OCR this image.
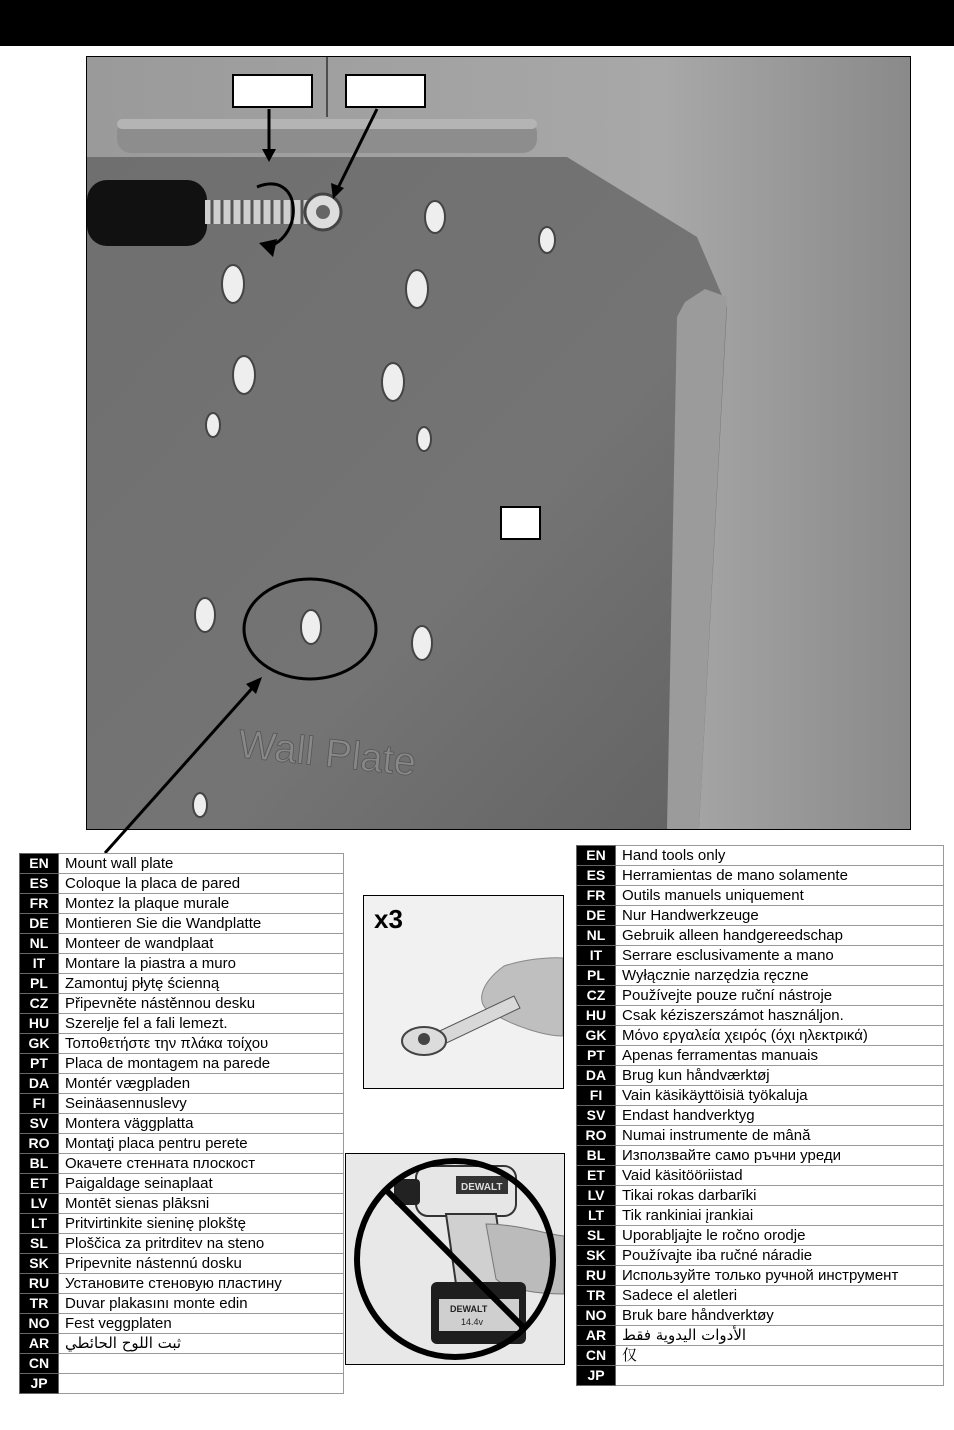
Wall Plate
EN	Mount wall plate
ES	Coloque la placa de pared
FR	Montez la plaque murale
DE	Montieren Sie die Wandplatte
NL	Monteer de wandplaat
IT	Montare la piastra a muro
PL	Zamontuj płytę ścienną
CZ	Připevněte nástěnnou desku
HU	Szerelje fel a fali lemezt.
GK	Τοποθετήστε την πλάκα τοίχου
PT	Placa de montagem na parede
DA	Montér vægpladen
FI	Seinäasennuslevy
SV	Montera väggplatta
RO	Montaţi placa pentru perete
BL	Окачете стенната плоскост
ET	Paigaldage seinaplaat
LV	Montēt sienas plāksni
LT	Pritvirtinkite sieninę plokštę
SL	Ploščica za pritrditev na steno
SK	Pripevnite nástennú dosku
RU	Установите стеновую пластину
TR	Duvar plakasını monte edin
NO	Fest veggplaten
AR	ثبت اللوح الحائطي
CN	
JP	
EN	Hand tools only
ES	Herramientas de mano solamente
FR	Outils manuels uniquement
DE	Nur Handwerkzeuge
NL	Gebruik alleen handgereedschap
IT	Serrare esclusivamente a mano
PL	Wyłącznie narzędzia ręczne
CZ	Používejte pouze ruční nástroje
HU	Csak kéziszerszámot használjon.
GK	Μόνο εργαλεία χειρός (όχι ηλεκτρικά)
PT	Apenas ferramentas manuais
DA	Brug kun håndværktøj
FI	Vain käsikäyttöisiä työkaluja
SV	Endast handverktyg
RO	Numai instrumente de mână
BL	Използвайте само ръчни уреди
ET	Vaid käsitööriistad
LV	Tikai rokas darbarīki
LT	Tik rankiniai įrankiai
SL	Uporabljajte le ročno orodje
SK	Používajte iba ručné náradie
RU	Используйте только ручной инструмент
TR	Sadece el aletleri
NO	Bruk bare håndverktøy
AR	الأدوات اليدوية فقط
CN	仅
JP	
x3
DEWALT
DEWALT
14.4v
